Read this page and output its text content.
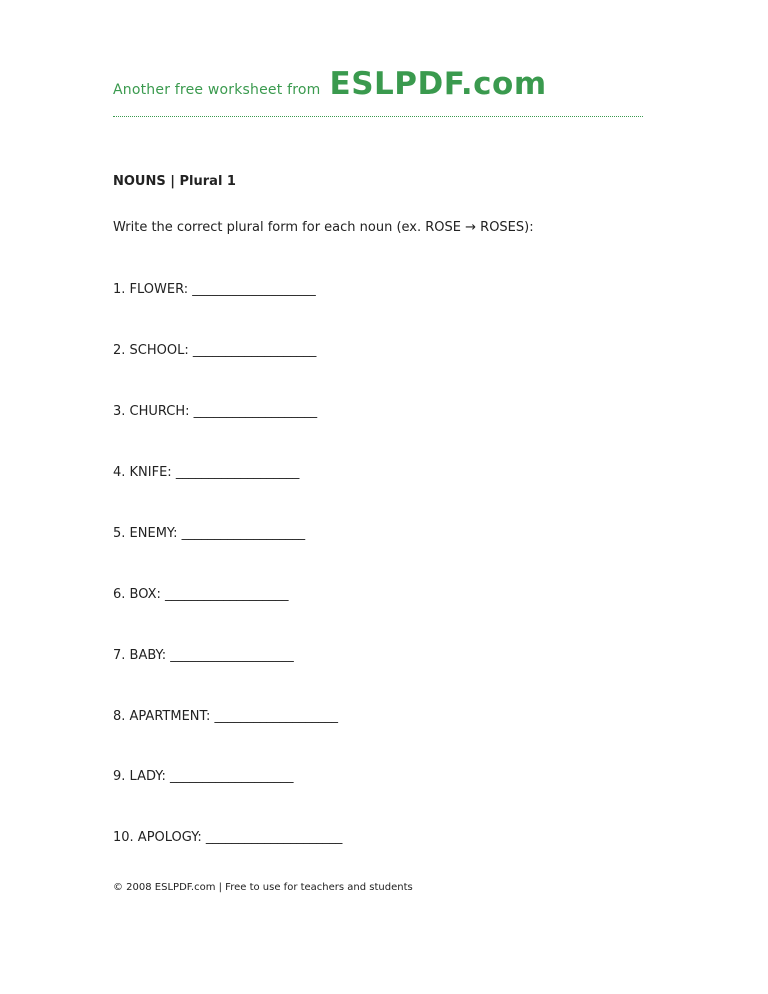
Another free worksheet from ESLPDF.com
NOUNS | Plural 1
Write the correct plural form for each noun (ex. ROSE → ROSES):
1. FLOWER: ___________________
2. SCHOOL: ___________________
3. CHURCH: ___________________
4. KNIFE: ___________________
5. ENEMY: ___________________
6. BOX: ___________________
7. BABY: ___________________
8. APARTMENT: ___________________
9. LADY: ___________________
10. APOLOGY: _____________________
© 2008 ESLPDF.com | Free to use for teachers and students
